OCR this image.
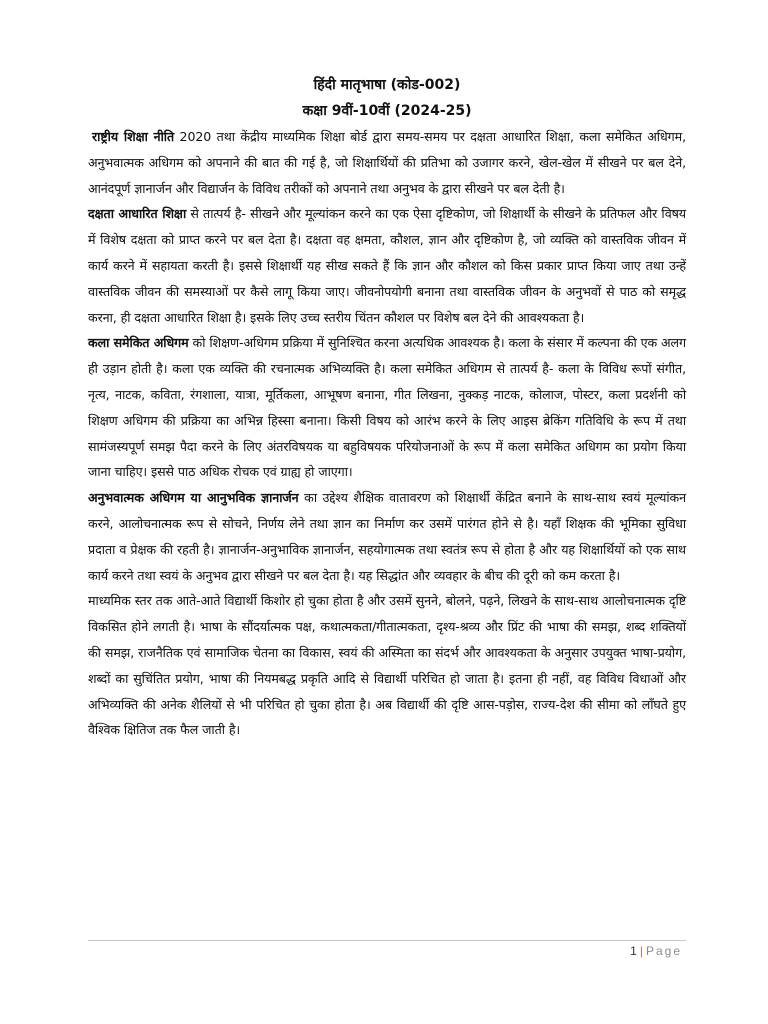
हिंदी मातृभाषा (कोड-002)

कक्षा 9वीं-10वीं (2024-25)

राष्ट्रीय शिक्षा नीति 2020 तथा केंद्रीय माध्यमिक शिक्षा बोर्ड द्वारा समय-समय पर दक्षता आधारित शिक्षा, कला समेकित अधिगम, अनुभवात्मक अधिगम को अपनाने की बात की गई है, जो शिक्षार्थियों की प्रतिभा को उजागर करने, खेल-खेल में सीखने पर बल देने, आनंदपूर्ण ज्ञानार्जन और विद्यार्जन के विविध तरीकों को अपनाने तथा अनुभव के द्वारा सीखने पर बल देती है।

दक्षता आधारित शिक्षा से तात्पर्य है- सीखने और मूल्यांकन करने का एक ऐसा दृष्टिकोण, जो शिक्षार्थी के सीखने के प्रतिफल और विषय में विशेष दक्षता को प्राप्त करने पर बल देता है। दक्षता वह क्षमता, कौशल, ज्ञान और दृष्टिकोण है, जो व्यक्ति को वास्तविक जीवन में कार्य करने में सहायता करती है। इससे शिक्षार्थी यह सीख सकते हैं कि ज्ञान और कौशल को किस प्रकार प्राप्त किया जाए तथा उन्हें वास्तविक जीवन की समस्याओं पर कैसे लागू किया जाए। जीवनोपयोगी बनाना तथा वास्तविक जीवन के अनुभवों से पाठ को समृद्ध करना, ही दक्षता आधारित शिक्षा है। इसके लिए उच्च स्तरीय चिंतन कौशल पर विशेष बल देने की आवश्यकता है।

कला समेकित अधिगम को शिक्षण-अधिगम प्रक्रिया में सुनिश्चित करना अत्यधिक आवश्यक है। कला के संसार में कल्पना की एक अलग ही उड़ान होती है। कला एक व्यक्ति की रचनात्मक अभिव्यक्ति है। कला समेकित अधिगम से तात्पर्य है- कला के विविध रूपों संगीत, नृत्य, नाटक, कविता, रंगशाला, यात्रा, मूर्तिकला, आभूषण बनाना, गीत लिखना, नुक्कड़ नाटक, कोलाज, पोस्टर, कला प्रदर्शनी को शिक्षण अधिगम की प्रक्रिया का अभिन्न हिस्सा बनाना। किसी विषय को आरंभ करने के लिए आइस ब्रेकिंग गतिविधि के रूप में तथा सामंजस्यपूर्ण समझ पैदा करने के लिए अंतरविषयक या बहुविषयक परियोजनाओं के रूप में कला समेकित अधिगम का प्रयोग किया जाना चाहिए। इससे पाठ अधिक रोचक एवं ग्राह्य हो जाएगा।

अनुभवात्मक अधिगम या आनुभविक ज्ञानार्जन का उद्देश्य शैक्षिक वातावरण को शिक्षार्थी केंद्रित बनाने के साथ-साथ स्वयं मूल्यांकन करने, आलोचनात्मक रूप से सोचने, निर्णय लेने तथा ज्ञान का निर्माण कर उसमें पारंगत होने से है। यहाँ शिक्षक की भूमिका सुविधा प्रदाता व प्रेक्षक की रहती है। ज्ञानार्जन-अनुभाविक ज्ञानार्जन, सहयोगात्मक तथा स्वतंत्र रूप से होता है और यह शिक्षार्थियों को एक साथ कार्य करने तथा स्वयं के अनुभव द्वारा सीखने पर बल देता है। यह सिद्धांत और व्यवहार के बीच की दूरी को कम करता है।

माध्यमिक स्तर तक आते-आते विद्यार्थी किशोर हो चुका होता है और उसमें सुनने, बोलने, पढ़ने, लिखने के साथ-साथ आलोचनात्मक दृष्टि विकसित होने लगती है। भाषा के सौंदर्यात्मक पक्ष, कथात्मकता/गीतात्मकता, दृश्य-श्रव्य और प्रिंट की भाषा की समझ, शब्द शक्तियों की समझ, राजनैतिक एवं सामाजिक चेतना का विकास, स्वयं की अस्मिता का संदर्भ और आवश्यकता के अनुसार उपयुक्त भाषा-प्रयोग, शब्दों का सुचिंतित प्रयोग, भाषा की नियमबद्ध प्रकृति आदि से विद्यार्थी परिचित हो जाता है। इतना ही नहीं, वह विविध विधाओं और अभिव्यक्ति की अनेक शैलियों से भी परिचित हो चुका होता है। अब विद्यार्थी की दृष्टि आस-पड़ोस, राज्य-देश की सीमा को लाँघते हुए वैश्विक क्षितिज तक फैल जाती है।

1 | Page
